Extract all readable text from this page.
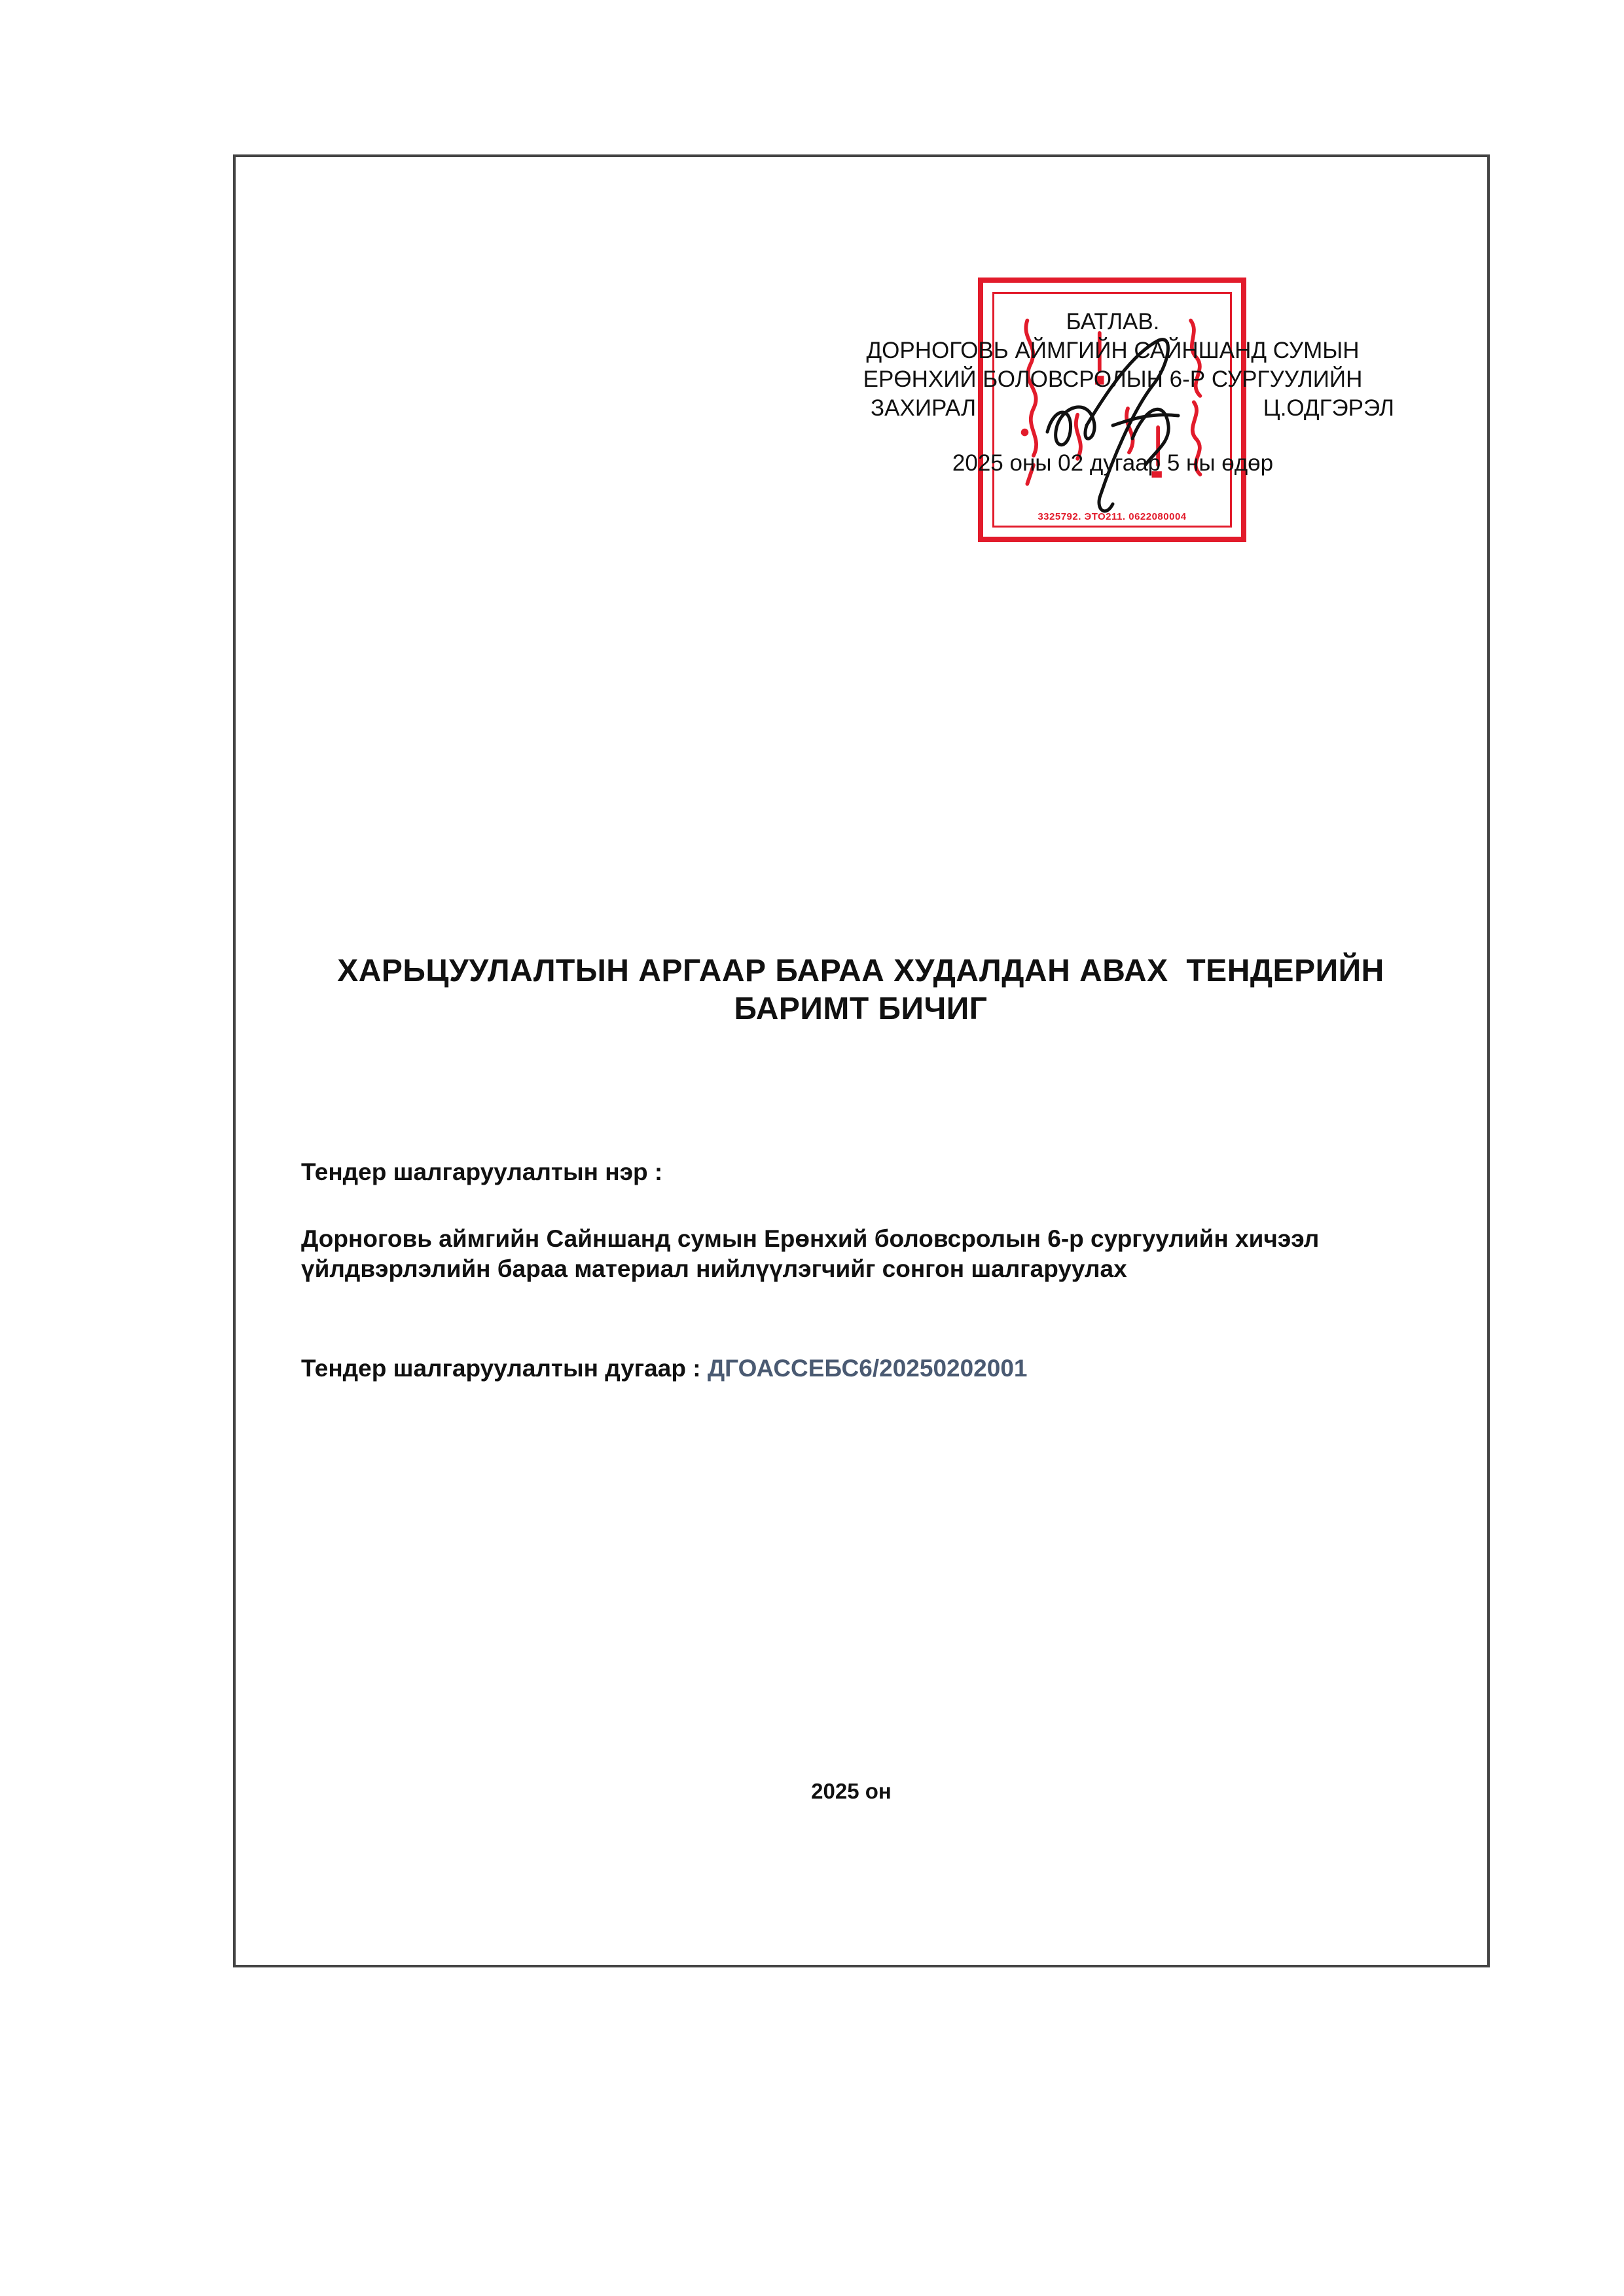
3325792. ЭТО211. 0622080004
БАТЛАВ.
ДОРНОГОВЬ АЙМГИЙН САЙНШАНД СУМЫН
ЕРӨНХИЙ БОЛОВСРОЛЫН 6-Р СУРГУУЛИЙН
ЗАХИРАЛ	Ц.ОДГЭРЭЛ
2025 оны 02 дугаар 5 ны өдөр
ХАРЬЦУУЛАЛТЫН АРГААР БАРАА ХУДАЛДАН АВАХ  ТЕНДЕРИЙН
БАРИМТ БИЧИГ
Тендер шалгаруулалтын нэр :
Дорноговь аймгийн Сайншанд сумын Ерөнхий боловсролын 6-р сургуулийн хичээл
үйлдвэрлэлийн бараа материал нийлүүлэгчийг сонгон шалгаруулах
Тендер шалгаруулалтын дугаар : ДГОАССЕБС6/20250202001
2025 он
